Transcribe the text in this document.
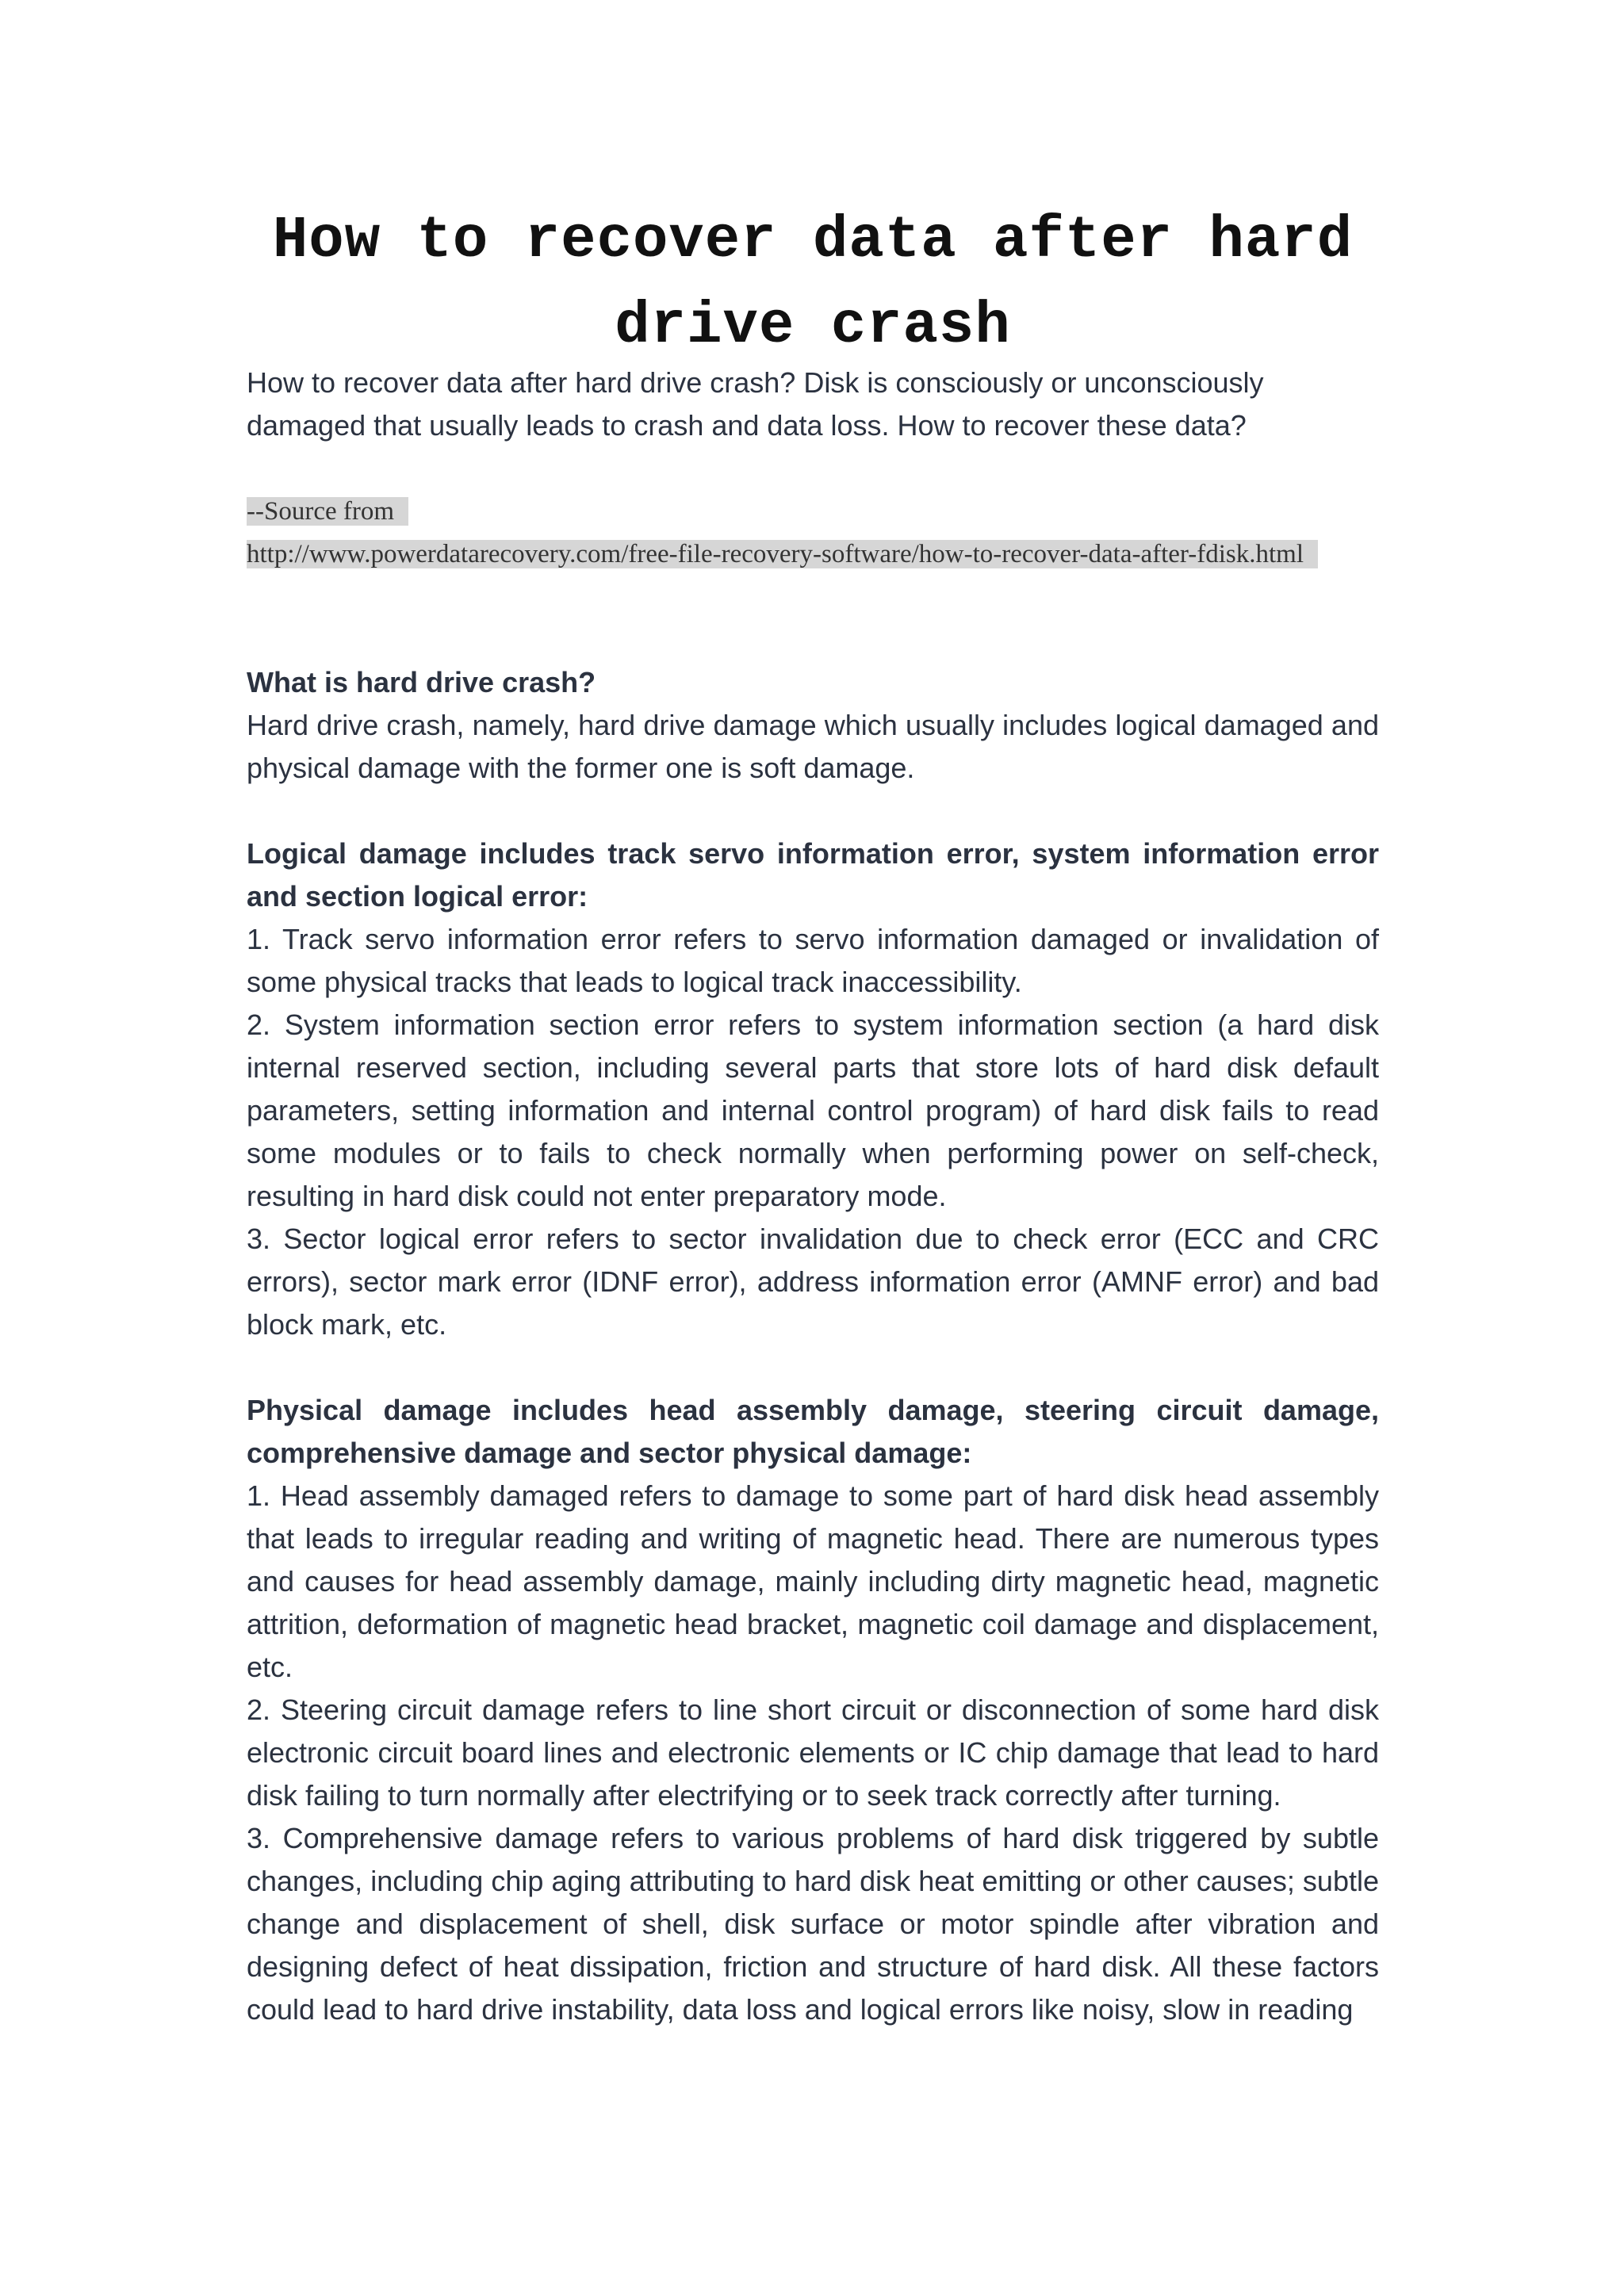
How to recover data after hard drive crash

How to recover data after hard drive crash? Disk is consciously or unconsciously damaged that usually leads to crash and data loss. How to recover these data?

--Source from
http://www.powerdatarecovery.com/free-file-recovery-software/how-to-recover-data-after-fdisk.html

What is hard drive crash?

Hard drive crash, namely, hard drive damage which usually includes logical damaged and physical damage with the former one is soft damage.

Logical damage includes track servo information error, system information error and section logical error:

1. Track servo information error refers to servo information damaged or invalidation of some physical tracks that leads to logical track inaccessibility.

2. System information section error refers to system information section (a hard disk internal reserved section, including several parts that store lots of hard disk default parameters, setting information and internal control program) of hard disk fails to read some modules or to fails to check normally when performing power on self-check, resulting in hard disk could not enter preparatory mode.

3. Sector logical error refers to sector invalidation due to check error (ECC and CRC errors), sector mark error (IDNF error), address information error (AMNF error) and bad block mark, etc.

Physical damage includes head assembly damage, steering circuit damage, comprehensive damage and sector physical damage:

1. Head assembly damaged refers to damage to some part of hard disk head assembly that leads to irregular reading and writing of magnetic head. There are numerous types and causes for head assembly damage, mainly including dirty magnetic head, magnetic attrition, deformation of magnetic head bracket, magnetic coil damage and displacement, etc.

2. Steering circuit damage refers to line short circuit or disconnection of some hard disk electronic circuit board lines and electronic elements or IC chip damage that lead to hard disk failing to turn normally after electrifying or to seek track correctly after turning.

3. Comprehensive damage refers to various problems of hard disk triggered by subtle changes, including chip aging attributing to hard disk heat emitting or other causes; subtle change and displacement of shell, disk surface or motor spindle after vibration and designing defect of heat dissipation, friction and structure of hard disk. All these factors could lead to hard drive instability, data loss and logical errors like noisy, slow in reading
